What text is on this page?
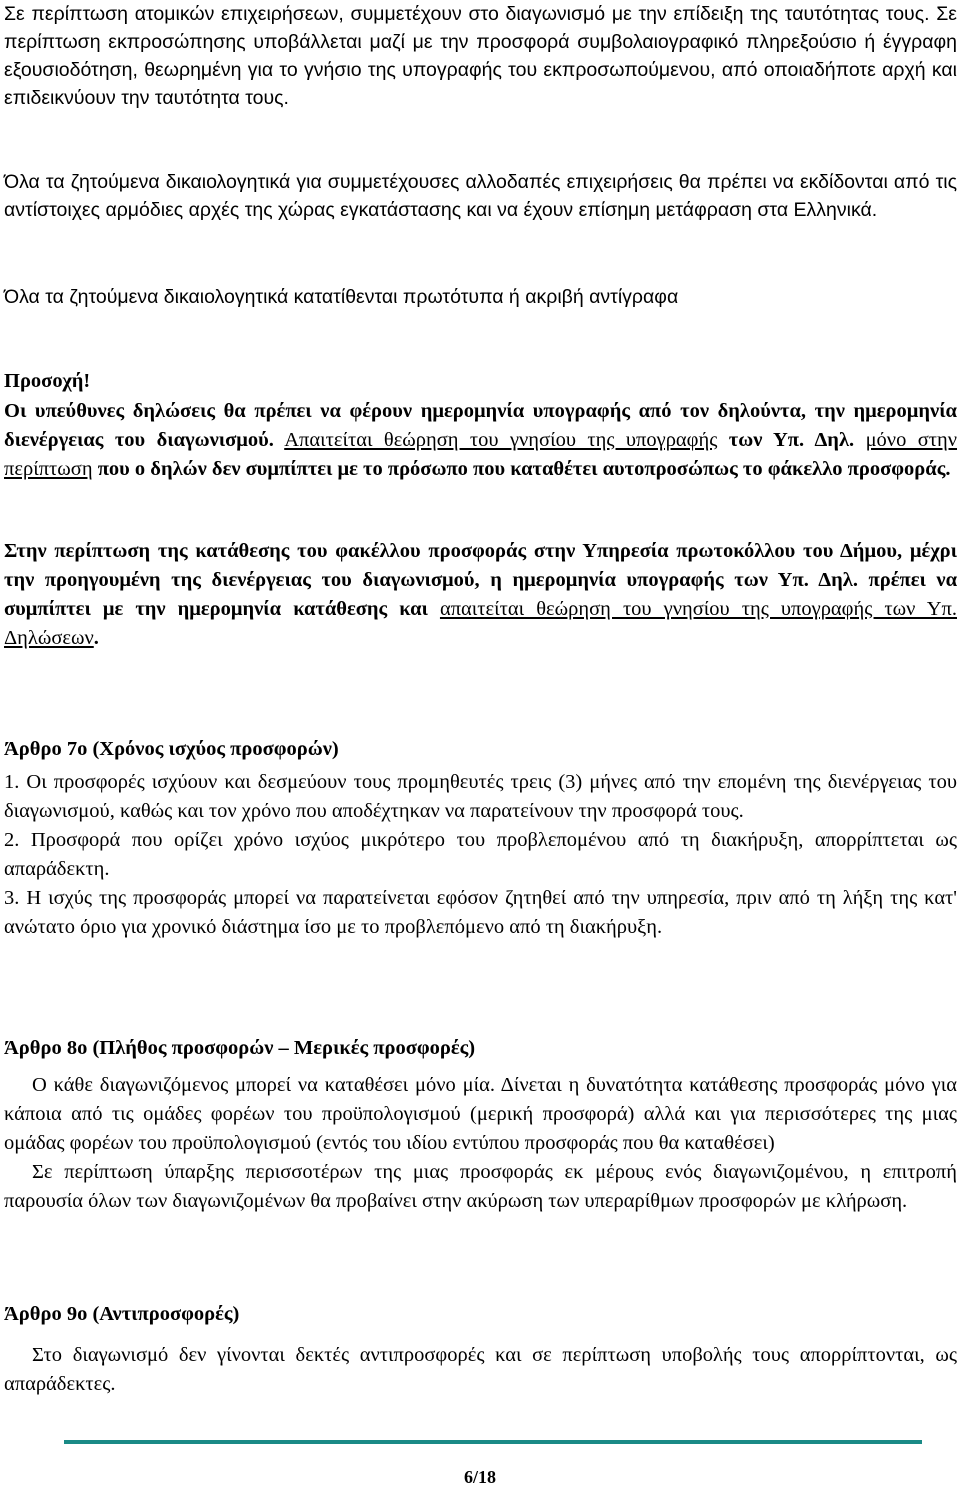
Σε περίπτωση ατομικών επιχειρήσεων, συμμετέχουν στο διαγωνισμό με την επίδειξη της ταυτότητας τους. Σε περίπτωση εκπροσώπησης υποβάλλεται μαζί με την προσφορά συμβολαιογραφικό πληρεξούσιο ή έγγραφη εξουσιοδότηση, θεωρημένη για το γνήσιο της υπογραφής του εκπροσωπούμενου, από οποιαδήποτε αρχή και επιδεικνύουν την ταυτότητα τους.

Όλα τα ζητούμενα δικαιολογητικά για συμμετέχουσες αλλοδαπές επιχειρήσεις θα πρέπει να εκδίδονται από τις αντίστοιχες αρμόδιες αρχές της χώρας εγκατάστασης και να έχουν επίσημη μετάφραση στα Ελληνικά.

Όλα τα ζητούμενα δικαιολογητικά κατατίθενται πρωτότυπα ή ακριβή αντίγραφα

Προσοχή!

Οι υπεύθυνες δηλώσεις θα πρέπει να φέρουν ημερομηνία υπογραφής από τον δηλούντα, την ημερομηνία διενέργειας του διαγωνισμού. Απαιτείται θεώρηση του γνησίου της υπογραφής των Υπ. Δηλ. μόνο στην περίπτωση που ο δηλών δεν συμπίπτει με το πρόσωπο που καταθέτει αυτοπροσώπως το φάκελλο προσφοράς.

Στην περίπτωση της κατάθεσης του φακέλλου προσφοράς στην Υπηρεσία πρωτοκόλλου του Δήμου, μέχρι την προηγουμένη της διενέργειας του διαγωνισμού, η ημερομηνία υπογραφής των Υπ. Δηλ. πρέπει να συμπίπτει με την ημερομηνία κατάθεσης και απαιτείται θεώρηση του γνησίου της υπογραφής των Υπ. Δηλώσεων.

Άρθρο 7ο (Χρόνος ισχύος προσφορών)

1. Οι προσφορές ισχύουν και δεσμεύουν τους προμηθευτές τρεις (3) μήνες από την επομένη της διενέργειας του διαγωνισμού, καθώς και τον χρόνο που αποδέχτηκαν να παρατείνουν την προσφορά τους.

2. Προσφορά που ορίζει χρόνο ισχύος μικρότερο του προβλεπομένου από τη διακήρυξη, απορρίπτεται ως απαράδεκτη.

3. Η ισχύς της προσφοράς μπορεί να παρατείνεται εφόσον ζητηθεί από την υπηρεσία, πριν από τη λήξη της κατ' ανώτατο όριο για χρονικό διάστημα ίσο με το προβλεπόμενο από τη διακήρυξη.

Άρθρο 8ο (Πλήθος προσφορών – Μερικές προσφορές)

Ο κάθε διαγωνιζόμενος μπορεί να καταθέσει μόνο μία. Δίνεται η δυνατότητα κατάθεσης προσφοράς μόνο για κάποια από τις ομάδες φορέων του προϋπολογισμού (μερική προσφορά) αλλά και για περισσότερες της μιας ομάδας φορέων του προϋπολογισμού (εντός του ιδίου εντύπου προσφοράς που θα καταθέσει)

Σε περίπτωση ύπαρξης περισσοτέρων της μιας προσφοράς εκ μέρους ενός διαγωνιζομένου, η επιτροπή παρουσία όλων των διαγωνιζομένων θα προβαίνει στην ακύρωση των υπεραρίθμων προσφορών με κλήρωση.

Άρθρο 9ο (Αντιπροσφορές)

Στο διαγωνισμό δεν γίνονται δεκτές αντιπροσφορές και σε περίπτωση υποβολής τους απορρίπτονται, ως απαράδεκτες.

6/18
